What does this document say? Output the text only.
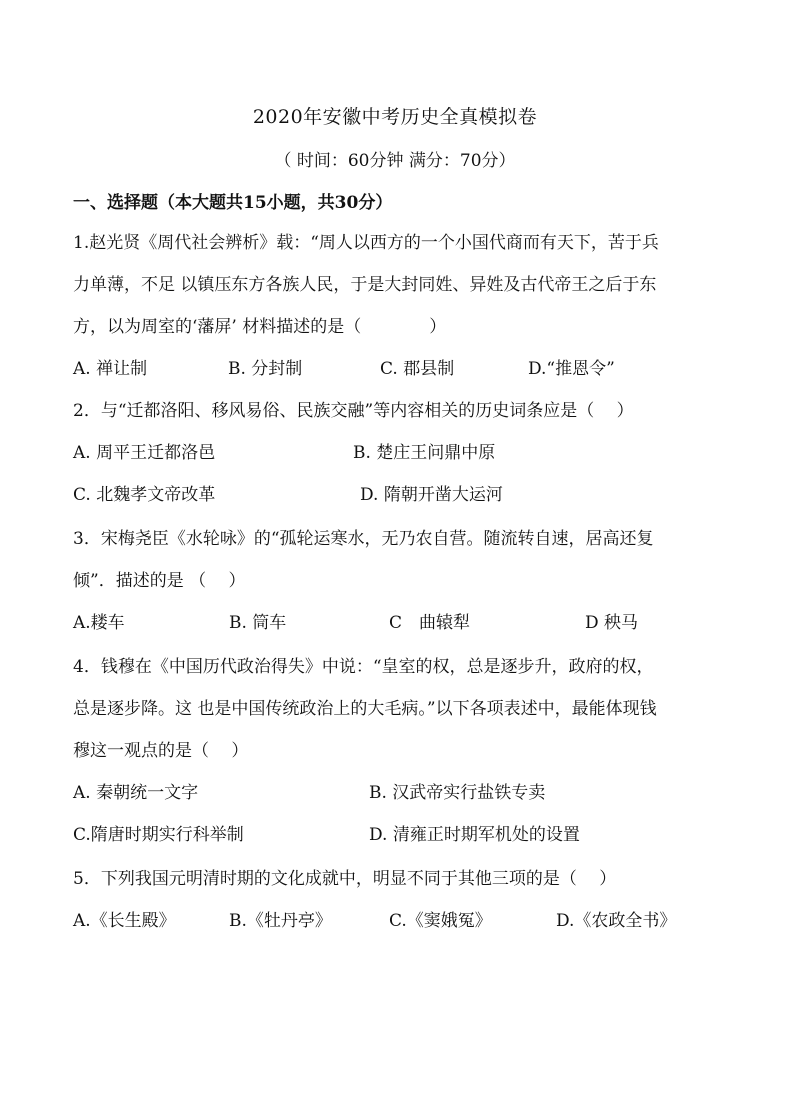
2020年安徽中考历史全真模拟卷
（ 时间：60分钟 满分：70分）
一、选择题（本大题共15小题，共30分）
1.赵光贤《周代社会辨析》载：“周人以西方的一个小国代商而有天下，苦于兵
力单薄，不足 以镇压东方各族人民，于是大封同姓、异姓及古代帝王之后于东
方，以为周室的‘藩屏’ 材料描述的是（　　　　）
A. 禅让制	B. 分封制	C. 郡县制	D.“推恩令”
2．与“迁都洛阳、移风易俗、民族交融”等内容相关的历史词条应是（　 ）
A. 周平王迁都洛邑	B. 楚庄王问鼎中原
C. 北魏孝文帝改革	D. 隋朝开凿大运河
3．宋梅尧臣《水轮咏》的“孤轮运寒水，无乃农自营。随流转自速，居高还复
倾”．描述的是 （　 ）
A.耧车	B. 筒车	C　曲辕犁	D 秧马
4．钱穆在《中国历代政治得失》中说：“皇室的权，总是逐步升，政府的权，
总是逐步降。这 也是中国传统政治上的大毛病。”以下各项表述中，最能体现钱
穆这一观点的是（　 ）
A. 秦朝统一文字	B. 汉武帝实行盐铁专卖
C.隋唐时期实行科举制	D. 清雍正时期军机处的设置
5．下列我国元明清时期的文化成就中，明显不同于其他三项的是（　 ）
A.《长生殿》	B.《牡丹亭》	C.《窦娥冤》	D.《农政全书》
